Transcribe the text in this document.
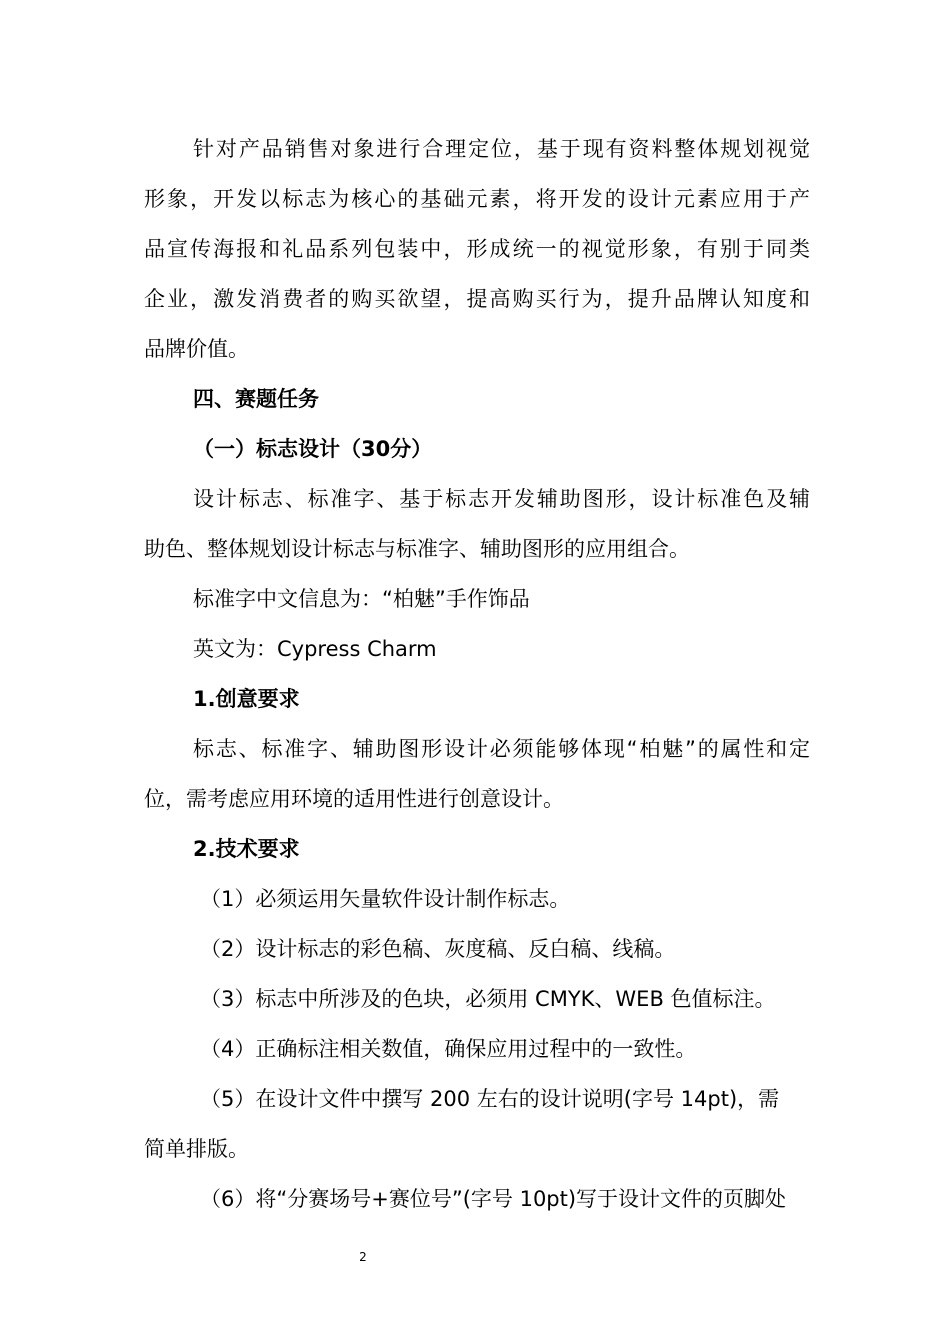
针对产品销售对象进行合理定位，基于现有资料整体规划视觉
形象，开发以标志为核心的基础元素，将开发的设计元素应用于产
品宣传海报和礼品系列包装中，形成统一的视觉形象，有别于同类
企业，激发消费者的购买欲望，提高购买行为，提升品牌认知度和
品牌价值。
四、赛题任务
（一）标志设计（30分）
设计标志、标准字、基于标志开发辅助图形，设计标准色及辅
助色、整体规划设计标志与标准字、辅助图形的应用组合。
标准字中文信息为：“柏魅”手作饰品
英文为：Cypress Charm
1.创意要求
标志、标准字、辅助图形设计必须能够体现“柏魅”的属性和定
位，需考虑应用环境的适用性进行创意设计。
2.技术要求
（1）必须运用矢量软件设计制作标志。
（2）设计标志的彩色稿、灰度稿、反白稿、线稿。
（3）标志中所涉及的色块，必须用 CMYK、WEB 色值标注。
（4）正确标注相关数值，确保应用过程中的一致性。
（5）在设计文件中撰写 200 左右的设计说明(字号 14pt)，需
简单排版。
（6）将“分赛场号+赛位号”(字号 10pt)写于设计文件的页脚处
2
